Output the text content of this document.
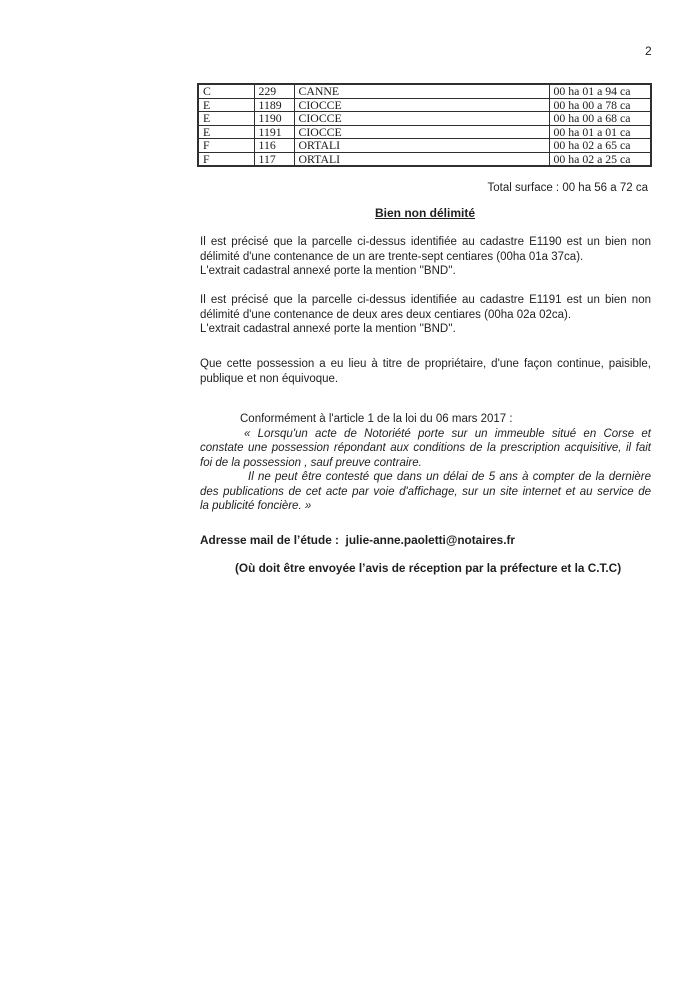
2
C	229	CANNE	00 ha 01 a 94 ca
E	1189	CIOCCE	00 ha 00 a 78 ca
E	1190	CIOCCE	00 ha 00 a 68 ca
E	1191	CIOCCE	00 ha 01 a 01 ca
F	116	ORTALI	00 ha 02 a 65 ca
F	117	ORTALI	00 ha 02 a 25 ca
Total surface : 00 ha 56 a 72 ca
Bien non délimité
Il est précisé que la parcelle ci-dessus identifiée au cadastre E1190 est un bien non
délimité d'une contenance de un are trente-sept centiares (00ha 01a 37ca).
L'extrait cadastral annexé porte la mention ''BND''.
Il est précisé que la parcelle ci-dessus identifiée au cadastre E1191 est un bien non
délimité d'une contenance de deux ares deux centiares (00ha 02a 02ca).
L'extrait cadastral annexé porte la mention ''BND''.
Que cette possession a eu lieu à titre de propriétaire, d'une façon continue, paisible,
publique et non équivoque.
Conformément à l'article 1 de la loi du 06 mars 2017 :
« Lorsqu'un acte de Notoriété porte sur un immeuble situé en Corse et
constate une possession répondant aux conditions de la prescription acquisitive, il fait
foi de la possession , sauf preuve contraire.
Il ne peut être contesté que dans un délai de 5 ans à compter de la dernière
des publications de cet acte par voie d'affichage, sur un site internet et au service de
la publicité foncière. »
Adresse mail de l’étude :  julie-anne.paoletti@notaires.fr
(Où doit être envoyée l’avis de réception par la préfecture et la C.T.C)
